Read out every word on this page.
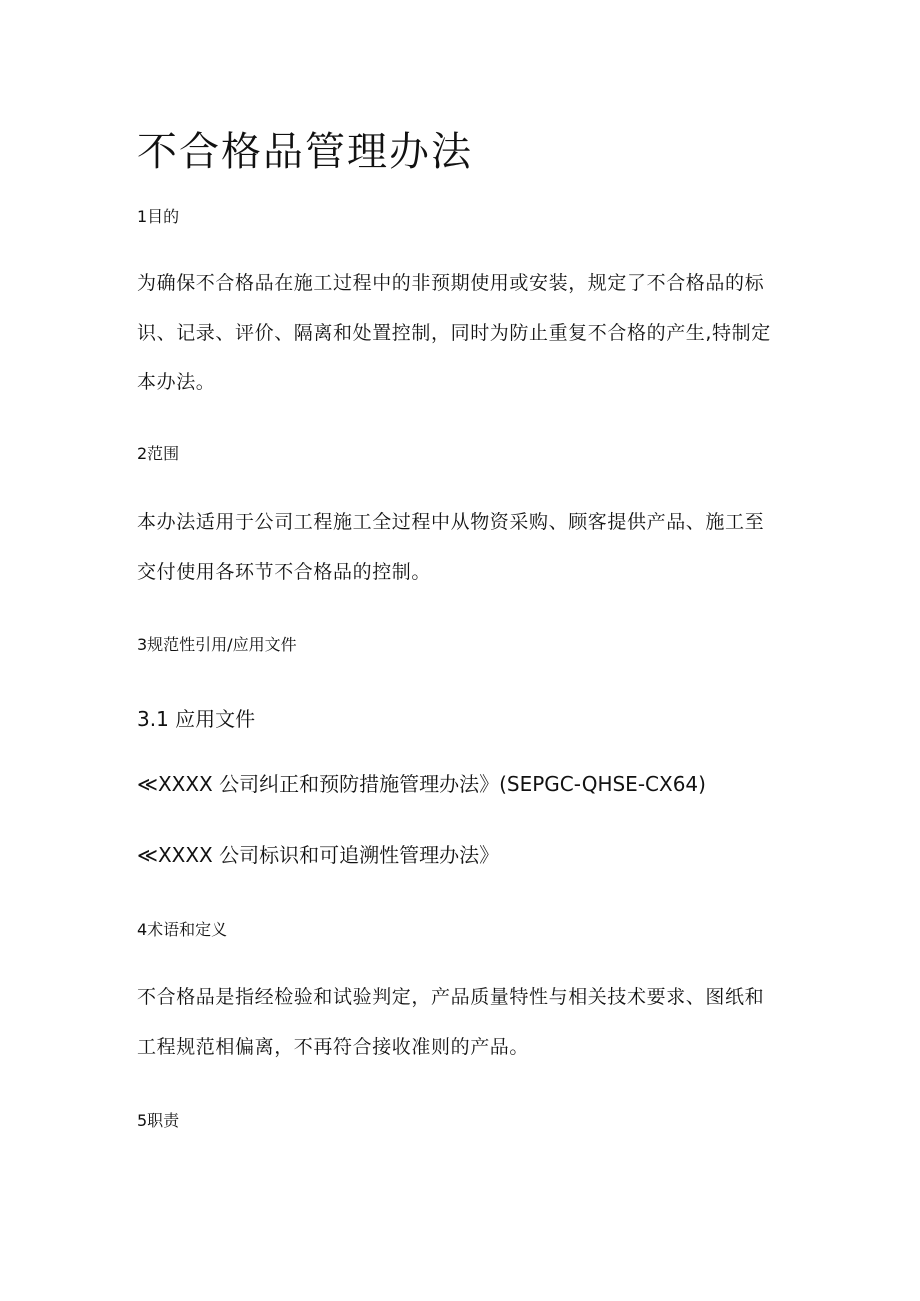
不合格品管理办法
1目的
为确保不合格品在施工过程中的非预期使用或安装，规定了不合格品的标
识、记录、评价、隔离和处置控制，同时为防止重复不合格的产生,特制定
本办法。
2范围
本办法适用于公司工程施工全过程中从物资采购、顾客提供产品、施工至
交付使用各环节不合格品的控制。
3规范性引用/应用文件
3.1 应用文件
≪XXXX 公司纠正和预防措施管理办法》(SEPGC-QHSE-CX64)
≪XXXX 公司标识和可追溯性管理办法》
4术语和定义
不合格品是指经检验和试验判定，产品质量特性与相关技术要求、图纸和
工程规范相偏离，不再符合接收准则的产品。
5职责
